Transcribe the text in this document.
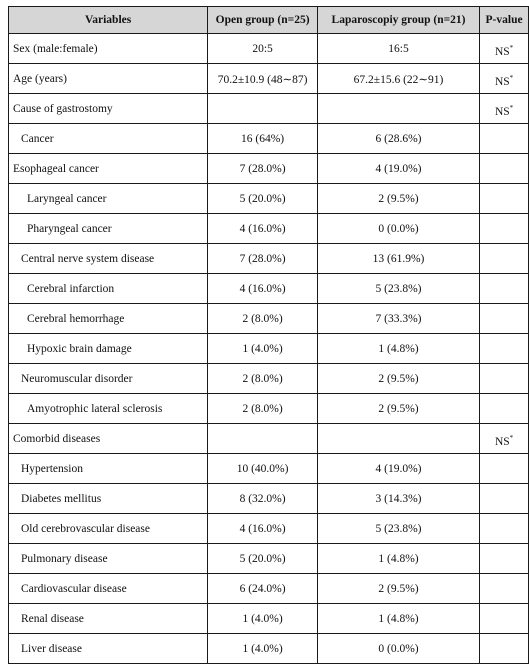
Variables	Open group (n=25)	Laparoscopiy group (n=21)	P-value
Sex (male:female)	20:5	16:5	NS*
Age (years)	70.2±10.9 (48∼87)	67.2±15.6 (22∼91)	NS*
Cause of gastrostomy			NS*
Cancer	16 (64%)	6 (28.6%)	
Esophageal cancer	7 (28.0%)	4 (19.0%)	
Laryngeal cancer	5 (20.0%)	2 (9.5%)	
Pharyngeal cancer	4 (16.0%)	0 (0.0%)	
Central nerve system disease	7 (28.0%)	13 (61.9%)	
Cerebral infarction	4 (16.0%)	5 (23.8%)	
Cerebral hemorrhage	2 (8.0%)	7 (33.3%)	
Hypoxic brain damage	1 (4.0%)	1 (4.8%)	
Neuromuscular disorder	2 (8.0%)	2 (9.5%)	
Amyotrophic lateral sclerosis	2 (8.0%)	2 (9.5%)	
Comorbid diseases			NS*
Hypertension	10 (40.0%)	4 (19.0%)	
Diabetes mellitus	8 (32.0%)	3 (14.3%)	
Old cerebrovascular disease	4 (16.0%)	5 (23.8%)	
Pulmonary disease	5 (20.0%)	1 (4.8%)	
Cardiovascular disease	6 (24.0%)	2 (9.5%)	
Renal disease	1 (4.0%)	1 (4.8%)	
Liver disease	1 (4.0%)	0 (0.0%)	
